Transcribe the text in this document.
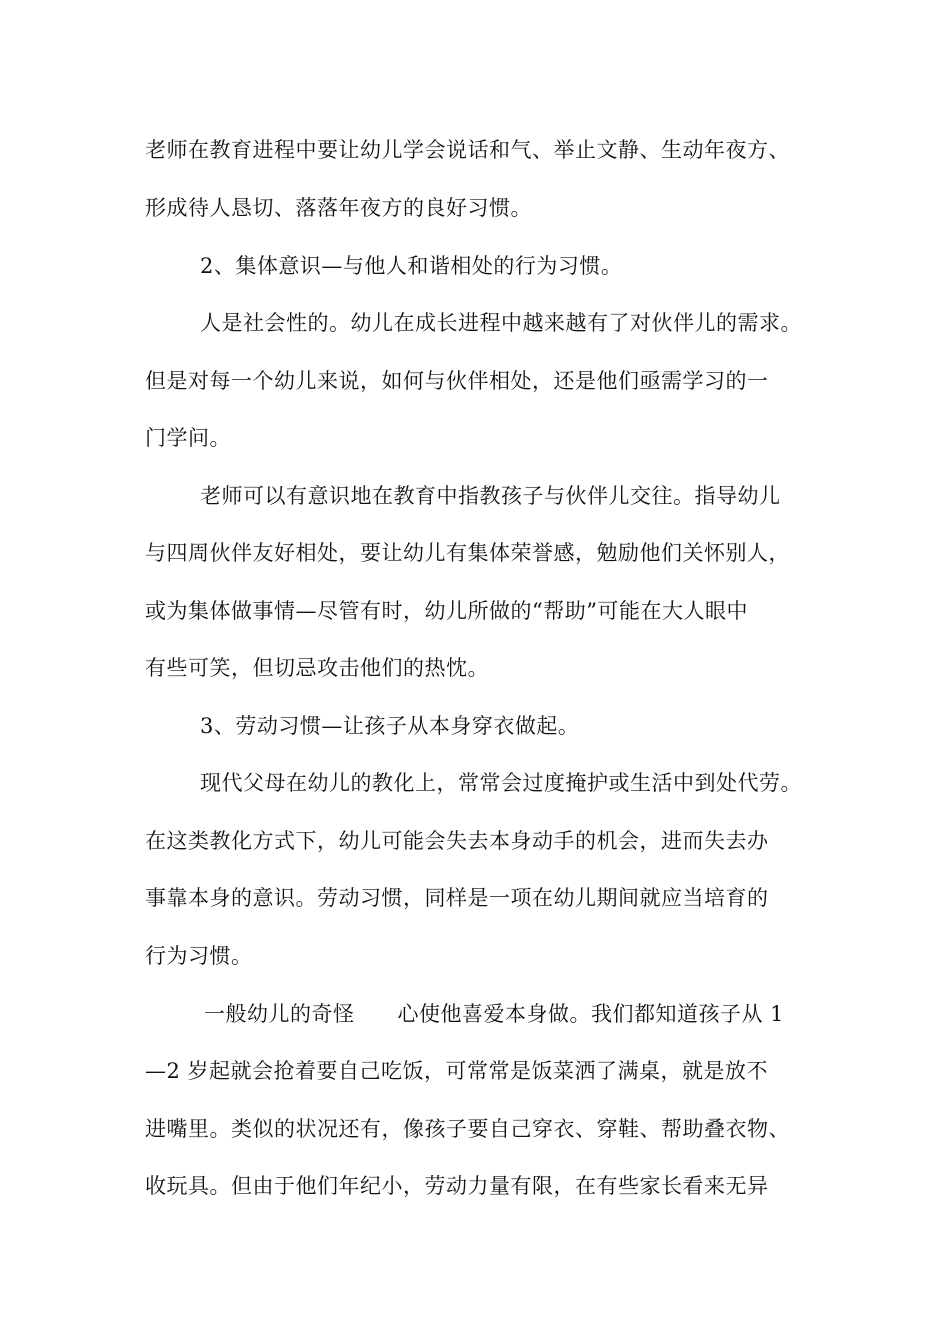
老师在教育进程中要让幼儿学会说话和气、举止文静、生动年夜方、
形成待人恳切、落落年夜方的良好习惯。
2、集体意识—与他人和谐相处的行为习惯。
人是社会性的。幼儿在成长进程中越来越有了对伙伴儿的需求。
但是对每一个幼儿来说，如何与伙伴相处，还是他们亟需学习的一
门学问。
老师可以有意识地在教育中指教孩子与伙伴儿交往。指导幼儿
与四周伙伴友好相处，要让幼儿有集体荣誉感，勉励他们关怀别人，
或为集体做事情—尽管有时，幼儿所做的“帮助”可能在大人眼中
有些可笑，但切忌攻击他们的热忱。
3、劳动习惯—让孩子从本身穿衣做起。
现代父母在幼儿的教化上，常常会过度掩护或生活中到处代劳。
在这类教化方式下，幼儿可能会失去本身动手的机会，进而失去办
事靠本身的意识。劳动习惯，同样是一项在幼儿期间就应当培育的
行为习惯。
一般幼儿的奇怪　　心使他喜爱本身做。我们都知道孩子从 1
—2 岁起就会抢着要自己吃饭，可常常是饭菜洒了满桌，就是放不
进嘴里。类似的状况还有，像孩子要自己穿衣、穿鞋、帮助叠衣物、
收玩具。但由于他们年纪小，劳动力量有限，在有些家长看来无异
